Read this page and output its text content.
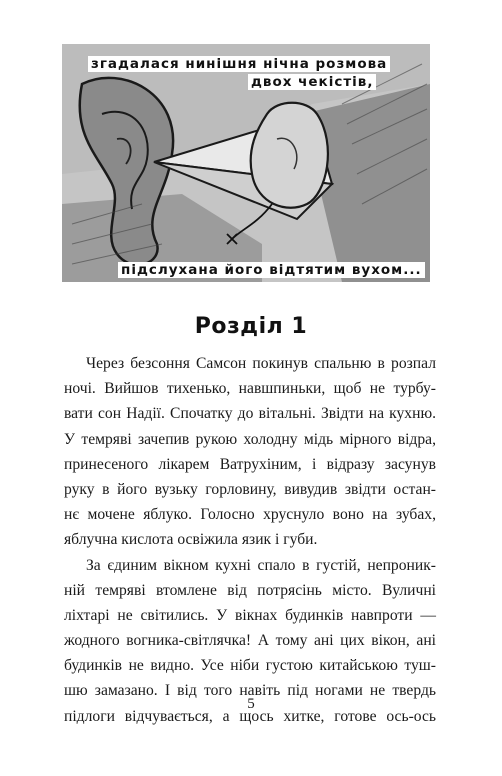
згадалася нинішня нічна розмова
двох чекістів,
підслухана його відтятим вухом...
Розділ 1
Через безсоння Самсон покинув спальню в розпал
ночі. Вийшов тихенько, навшпиньки, щоб не турбу-
вати сон Надії. Спочатку до вітальні. Звідти на кухню.
У темряві зачепив рукою холодну мідь мірного відра,
принесеного лікарем Ватрухіним, і відразу засунув
руку в його вузьку горловину, вивудив звідти остан-
нє мочене яблуко. Голосно хруснуло воно на зубах,
яблучна кислота освіжила язик і губи.
За єдиним вікном кухні спало в густій, непроник-
ній темряві втомлене від потрясінь місто. Вуличні
ліхтарі не світились. У вікнах будинків навпроти —
жодного вогника-світлячка! А тому ані цих вікон, ані
будинків не видно. Усе ніби густою китайською туш-
шю замазано. І від того навіть під ногами не твердь
підлоги відчувається, а щось хитке, готове ось-ось
5
